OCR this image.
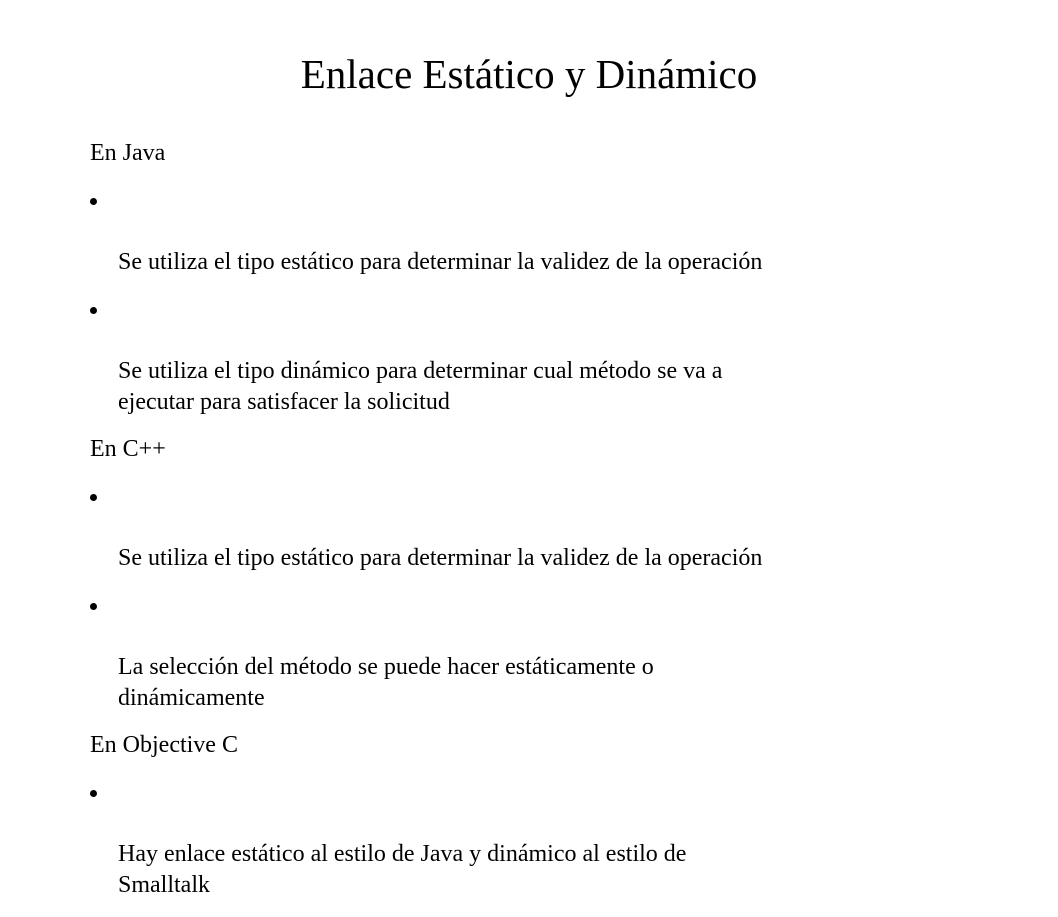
Enlace Estático y Dinámico

En Java

Se utiliza el tipo estático para determinar la validez de la operación

Se utiliza el tipo dinámico para determinar cual método se va a
ejecutar para satisfacer la solicitud

En C++

Se utiliza el tipo estático para determinar la validez de la operación

La selección del método se puede hacer estáticamente o
dinámicamente

En Objective C

Hay enlace estático al estilo de Java y dinámico al estilo de
Smalltalk
